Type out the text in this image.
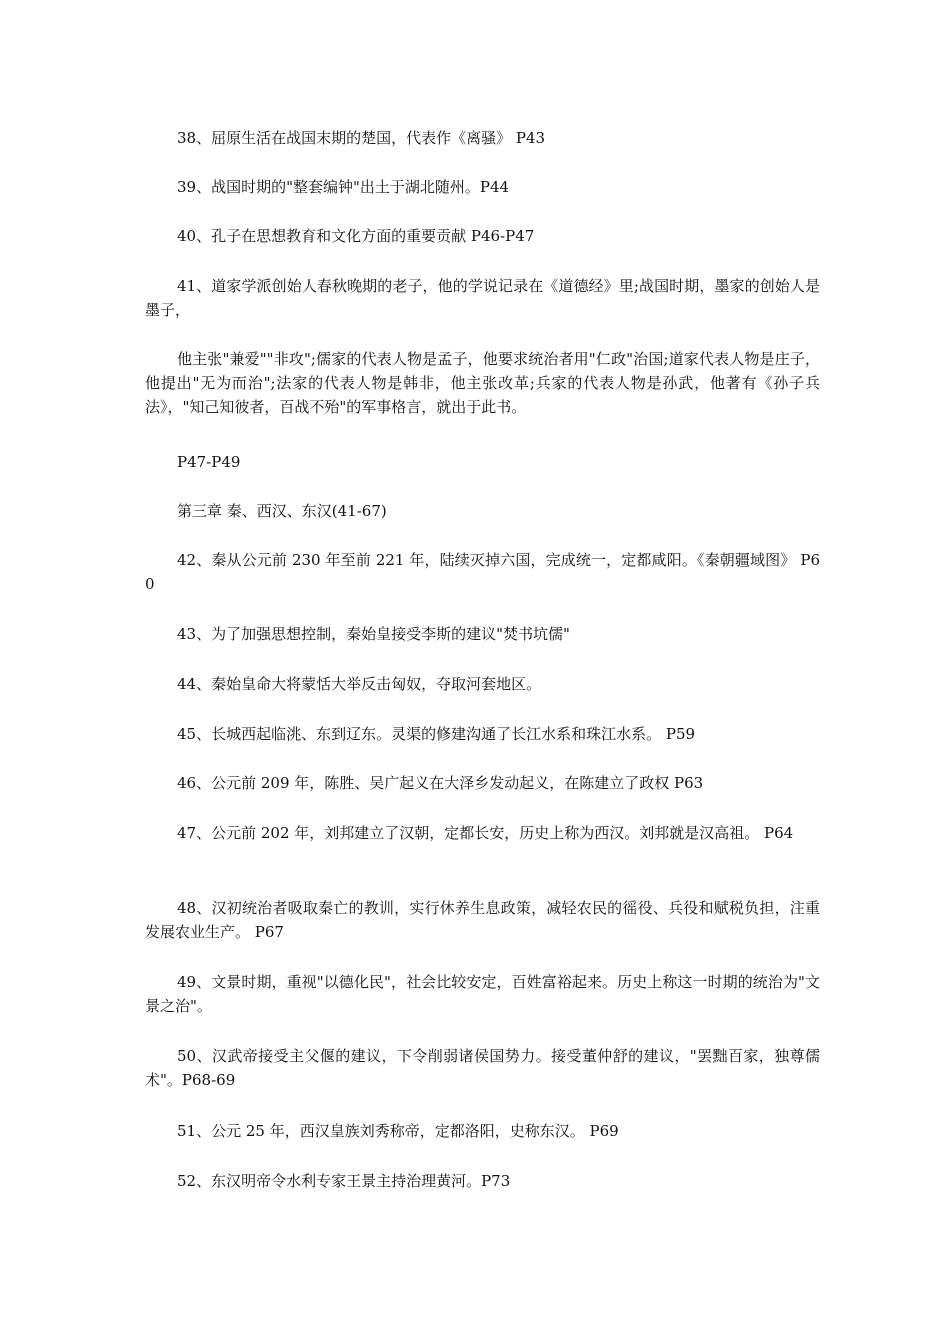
38、屈原生活在战国末期的楚国，代表作《离骚》 P43

39、战国时期的"整套编钟"出土于湖北随州。P44

40、孔子在思想教育和文化方面的重要贡献 P46-P47

41、道家学派创始人春秋晚期的老子，他的学说记录在《道德经》里;战国时期，墨家的创始人是墨子，

他主张"兼爱""非攻";儒家的代表人物是孟子，他要求统治者用"仁政"治国;道家代表人物是庄子，他提出"无为而治";法家的代表人物是韩非，他主张改革;兵家的代表人物是孙武，他著有《孙子兵法》，"知己知彼者，百战不殆"的军事格言，就出于此书。

P47-P49

第三章 秦、西汉、东汉(41-67)

42、秦从公元前 230 年至前 221 年，陆续灭掉六国，完成统一，定都咸阳。《秦朝疆域图》 P60

43、为了加强思想控制，秦始皇接受李斯的建议"焚书坑儒"

44、秦始皇命大将蒙恬大举反击匈奴，夺取河套地区。

45、长城西起临洮、东到辽东。灵渠的修建沟通了长江水系和珠江水系。 P59

46、公元前 209 年，陈胜、吴广起义在大泽乡发动起义，在陈建立了政权 P63

47、公元前 202 年，刘邦建立了汉朝，定都长安，历史上称为西汉。刘邦就是汉高祖。 P64

48、汉初统治者吸取秦亡的教训，实行休养生息政策，减轻农民的徭役、兵役和赋税负担，注重发展农业生产。 P67

49、文景时期，重视"以德化民"，社会比较安定，百姓富裕起来。历史上称这一时期的统治为"文景之治"。

50、汉武帝接受主父偃的建议，下令削弱诸侯国势力。接受董仲舒的建议，"罢黜百家，独尊儒术"。P68-69

51、公元 25 年，西汉皇族刘秀称帝，定都洛阳，史称东汉。 P69

52、东汉明帝令水利专家王景主持治理黄河。P73
